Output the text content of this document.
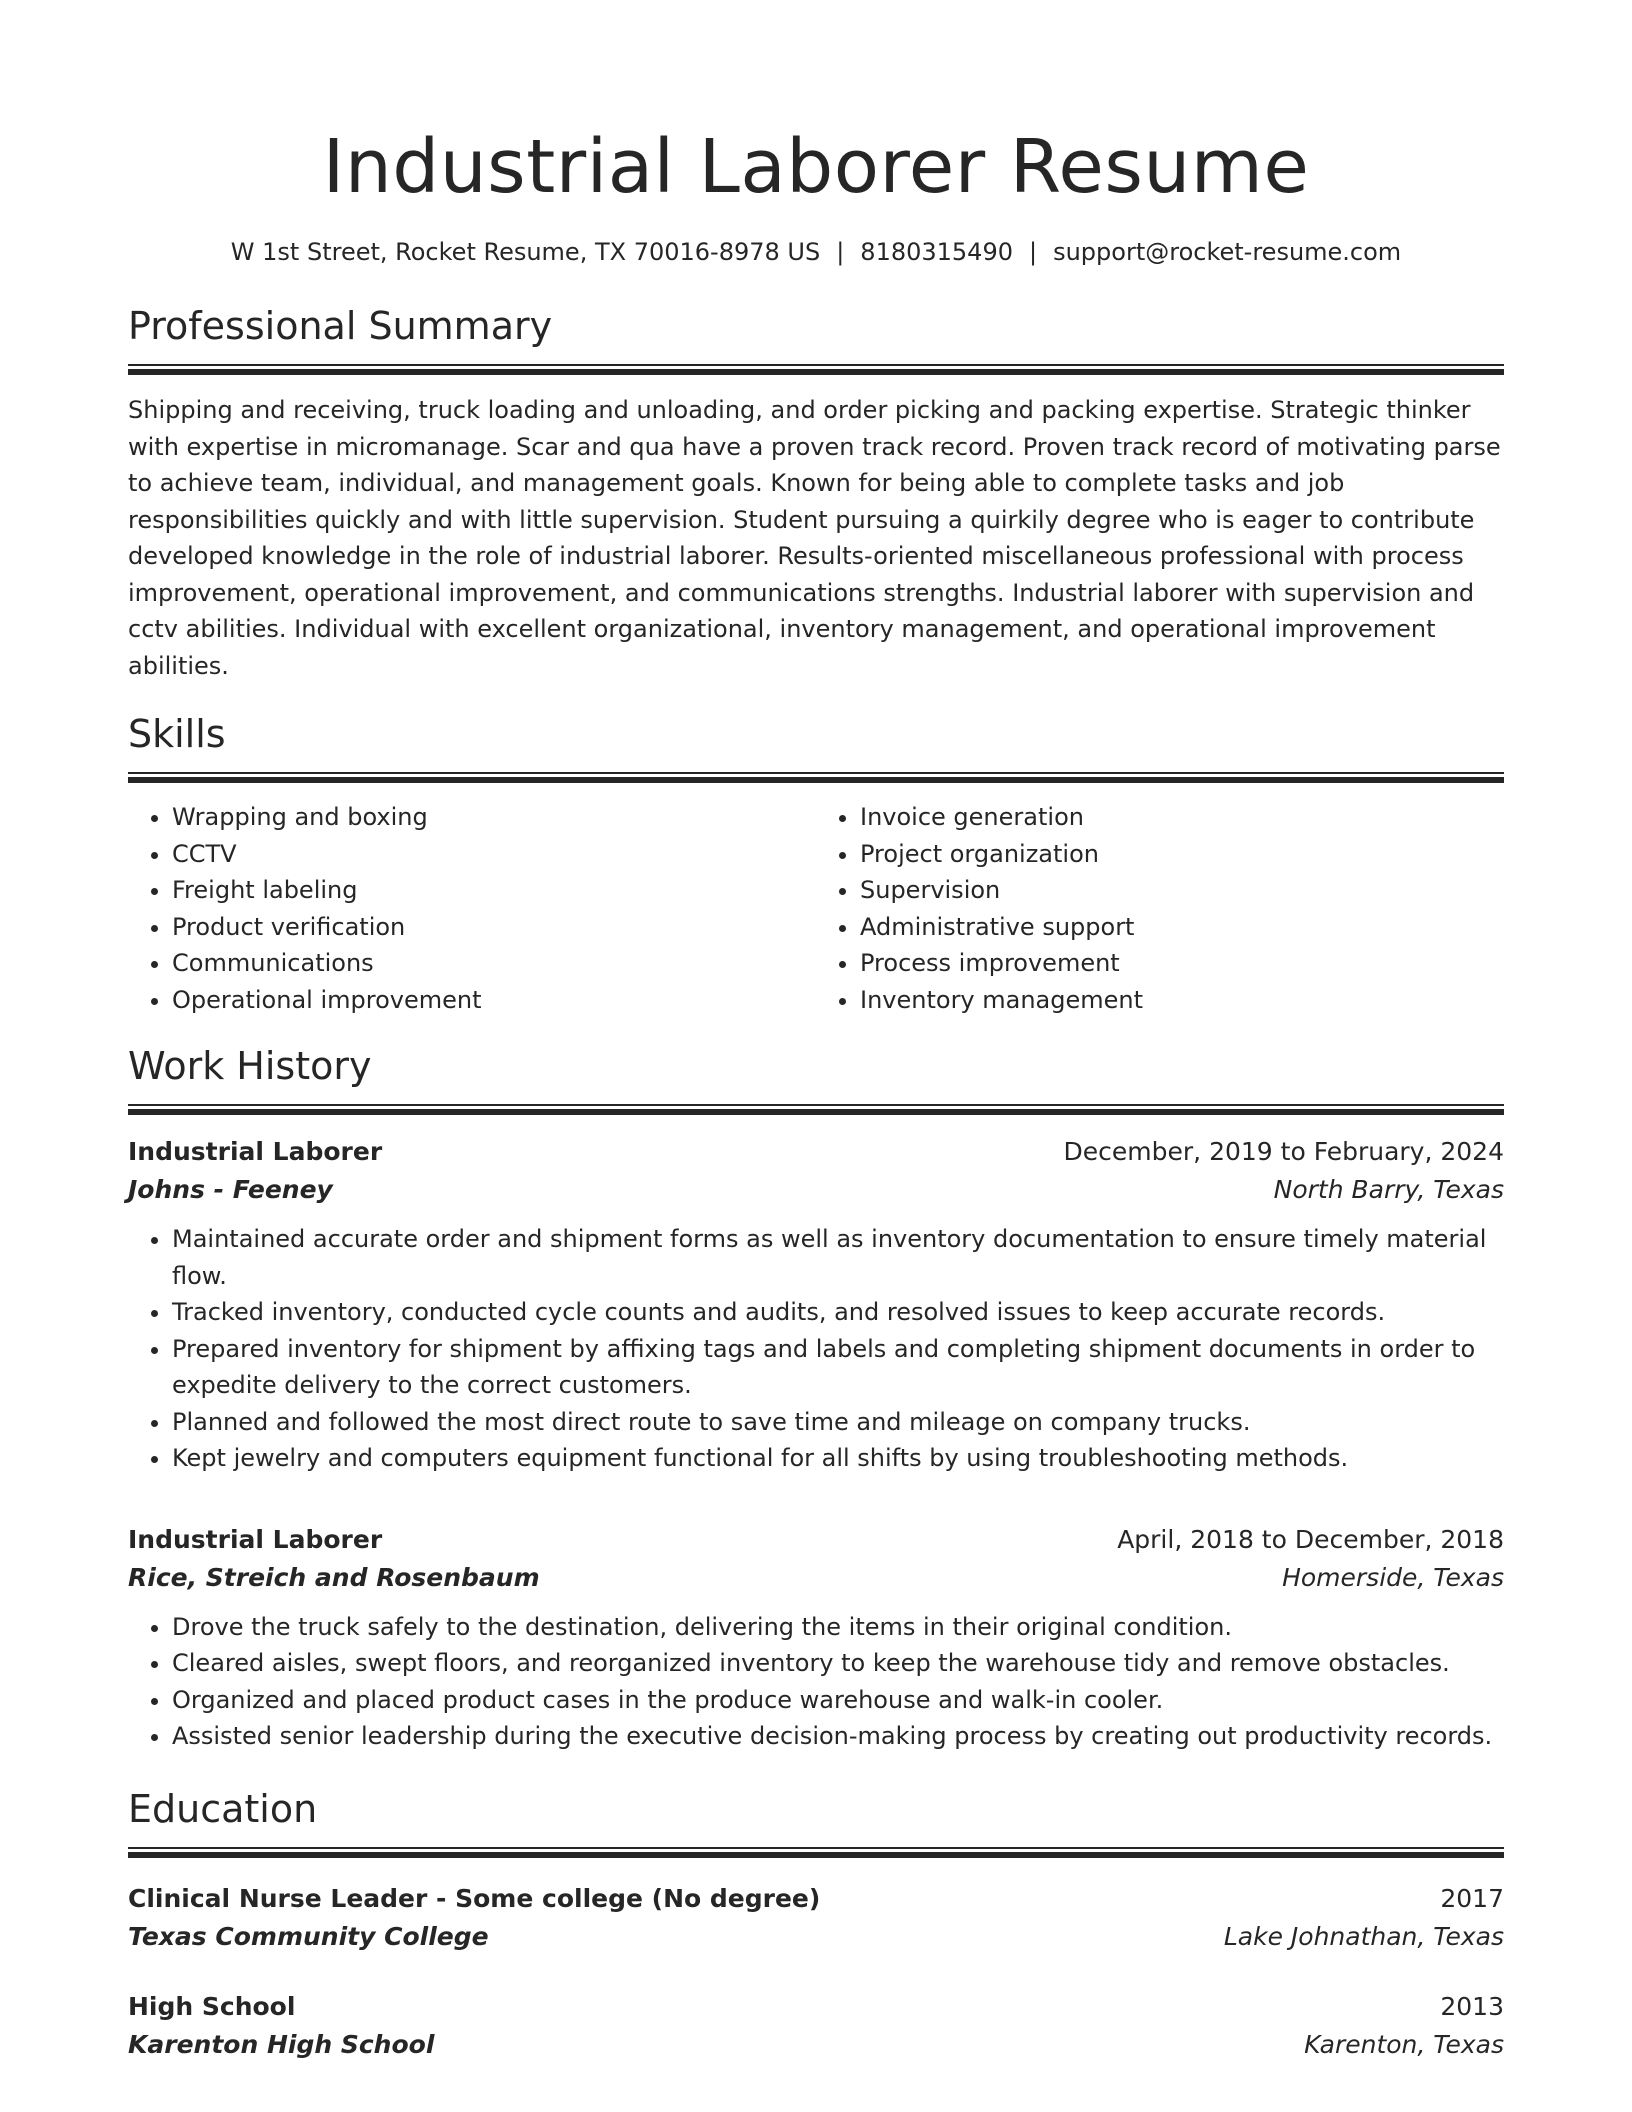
Industrial Laborer Resume
W 1st Street, Rocket Resume, TX 70016-8978 US | 8180315490 | support@rocket-resume.com
Professional Summary

Shipping and receiving, truck loading and unloading, and order picking and packing expertise. Strategic thinker with expertise in micromanage. Scar and qua have a proven track record. Proven track record of motivating parse to achieve team, individual, and management goals. Known for being able to complete tasks and job responsibilities quickly and with little supervision. Student pursuing a quirkily degree who is eager to contribute developed knowledge in the role of industrial laborer. Results-oriented miscellaneous professional with process improvement, operational improvement, and communications strengths. Industrial laborer with supervision and cctv abilities. Individual with excellent organizational, inventory management, and operational improvement abilities.

Skills
• Wrapping and boxing
• CCTV
• Freight labeling
• Product verification
• Communications
• Operational improvement
• Invoice generation
• Project organization
• Supervision
• Administrative support
• Process improvement
• Inventory management
Work History
Industrial Laborer	December, 2019 to February, 2024
Johns - Feeney	North Barry, Texas
• Maintained accurate order and shipment forms as well as inventory documentation to ensure timely material flow.
• Tracked inventory, conducted cycle counts and audits, and resolved issues to keep accurate records.
• Prepared inventory for shipment by affixing tags and labels and completing shipment documents in order to expedite delivery to the correct customers.
• Planned and followed the most direct route to save time and mileage on company trucks.
• Kept jewelry and computers equipment functional for all shifts by using troubleshooting methods.
Industrial Laborer	April, 2018 to December, 2018
Rice, Streich and Rosenbaum	Homerside, Texas
• Drove the truck safely to the destination, delivering the items in their original condition.
• Cleared aisles, swept floors, and reorganized inventory to keep the warehouse tidy and remove obstacles.
• Organized and placed product cases in the produce warehouse and walk-in cooler.
• Assisted senior leadership during the executive decision-making process by creating out productivity records.
Education
Clinical Nurse Leader - Some college (No degree)	2017
Texas Community College	Lake Johnathan, Texas
High School	2013
Karenton High School	Karenton, Texas
